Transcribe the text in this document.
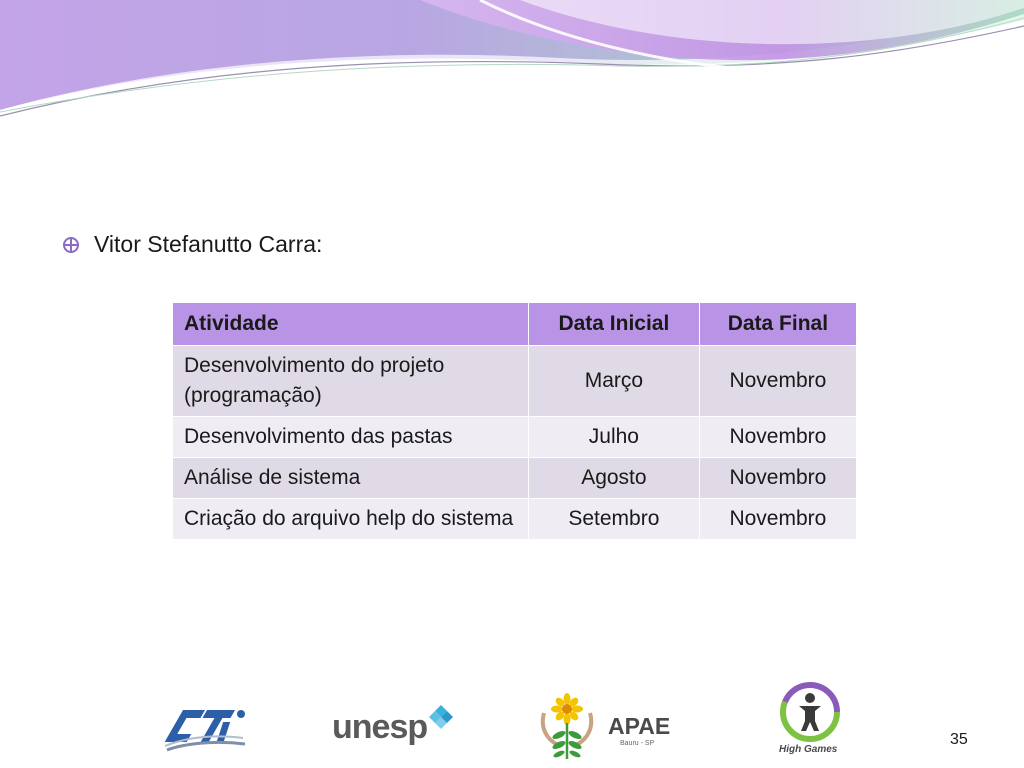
Vitor Stefanutto Carra:
Atividade	Data Inicial	Data Final
Desenvolvimento do projeto (programação)	Março	Novembro
Desenvolvimento das pastas	Julho	Novembro
Análise de sistema	Agosto	Novembro
Criação do arquivo help do sistema	Setembro	Novembro
CTI
unesp	APAE
Bauru - SP
High Games
35
